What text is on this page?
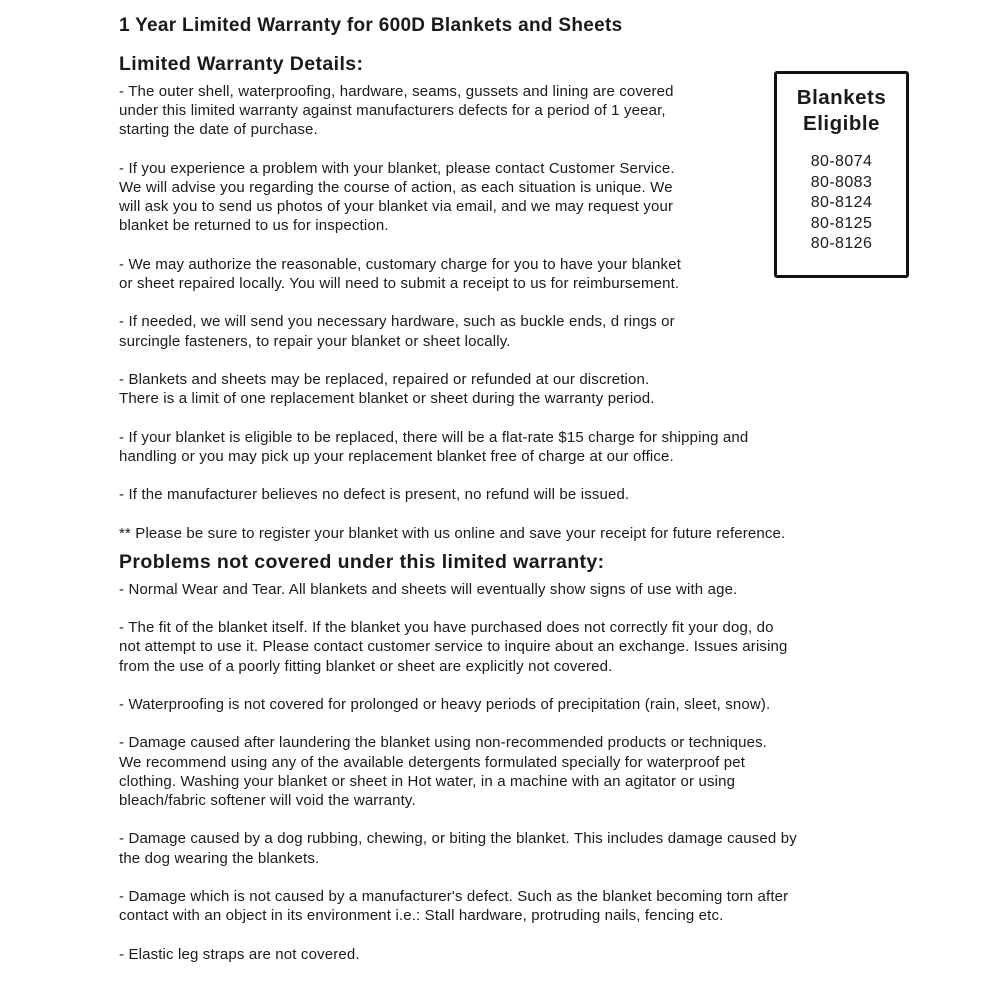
1 Year Limited Warranty for 600D Blankets and Sheets
Limited Warranty Details:

- The outer shell, waterproofing, hardware, seams, gussets and lining are covered
under this limited warranty against manufacturers defects for a period of 1 yeear,
starting the date of purchase.

- If you experience a problem with your blanket, please contact Customer Service.
We will advise you regarding the course of action, as each situation is unique. We
will ask you to send us photos of your blanket via email, and we may request your
blanket be returned to us for inspection.

- We may authorize the reasonable, customary charge for you to have your blanket
or sheet repaired locally. You will need to submit a receipt to us for reimbursement.

- If needed, we will send you necessary hardware, such as buckle ends, d rings or
surcingle fasteners, to repair your blanket or sheet locally.

- Blankets and sheets may be replaced, repaired or refunded at our discretion.
There is a limit of one replacement blanket or sheet during the warranty period.

- If your blanket is eligible to be replaced, there will be a flat-rate $15 charge for shipping and
handling or you may pick up your replacement blanket free of charge at our office.

- If the manufacturer believes no defect is present, no refund will be issued.

** Please be sure to register your blanket with us online and save your receipt for future reference.

Problems not covered under this limited warranty:

- Normal Wear and Tear. All blankets and sheets will eventually show signs of use with age.

- The fit of the blanket itself. If the blanket you have purchased does not correctly fit your dog, do
not attempt to use it. Please contact customer service to inquire about an exchange. Issues arising
from the use of a poorly fitting blanket or sheet are explicitly not covered.

- Waterproofing is not covered for prolonged or heavy periods of precipitation (rain, sleet, snow).

- Damage caused after laundering the blanket using non-recommended products or techniques.
We recommend using any of the available detergents formulated specially for waterproof pet
clothing. Washing your blanket or sheet in Hot water, in a machine with an agitator or using
bleach/fabric softener will void the warranty.

- Damage caused by a dog rubbing, chewing, or biting the blanket. This includes damage caused by
the dog wearing the blankets.

- Damage which is not caused by a manufacturer's defect. Such as the blanket becoming torn after
contact with an object in its environment i.e.: Stall hardware, protruding nails, fencing etc.

- Elastic leg straps are not covered.

Blankets
Eligible
80-8074
80-8083
80-8124
80-8125
80-8126
